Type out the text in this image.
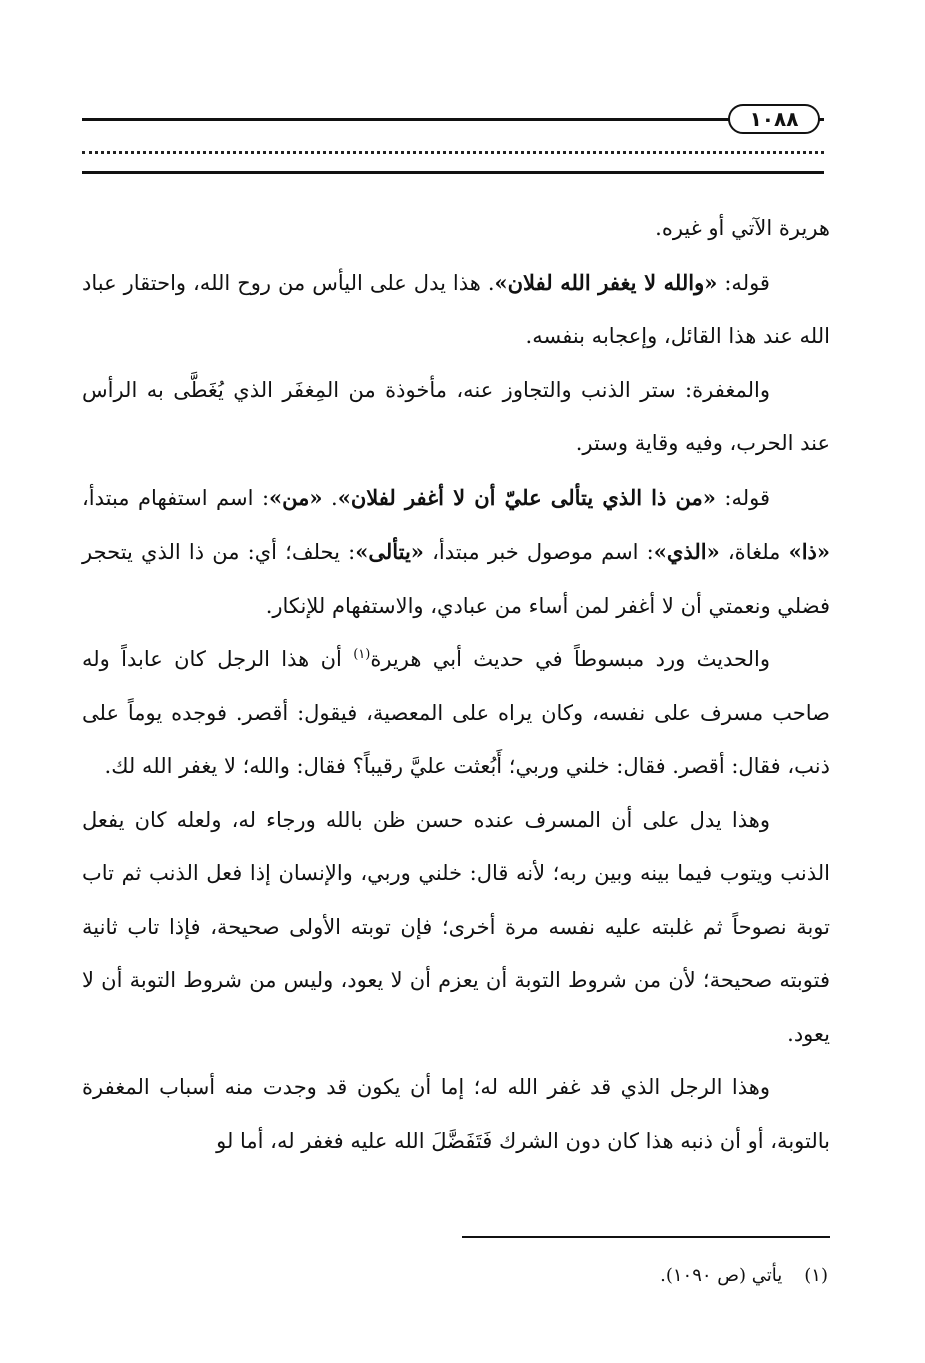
١٠٨٨

هريرة الآتي أو غيره.

قوله: «والله لا يغفر الله لفلان». هذا يدل على اليأس من روح الله، واحتقار عباد الله عند هذا القائل، وإعجابه بنفسه.

والمغفرة: ستر الذنب والتجاوز عنه، مأخوذة من المِغفَر الذي يُغَطَّى به الرأس عند الحرب، وفيه وقاية وستر.

قوله: «من ذا الذي يتألى عليّ أن لا أغفر لفلان». «من»: اسم استفهام مبتدأ، «ذا» ملغاة، «الذي»: اسم موصول خبر مبتدأ، «يتألى»: يحلف؛ أي: من ذا الذي يتحجر فضلي ونعمتي أن لا أغفر لمن أساء من عبادي، والاستفهام للإنكار.

والحديث ورد مبسوطاً في حديث أبي هريرة$^{(١)}$ أن هذا الرجل كان عابداً وله صاحب مسرف على نفسه، وكان يراه على المعصية، فيقول: أقصر. فوجده يوماً على ذنب، فقال: أقصر. فقال: خلني وربي؛ أَبُعثت عليَّ رقيباً؟ فقال: والله؛ لا يغفر الله لك.

وهذا يدل على أن المسرف عنده حسن ظن بالله ورجاء له، ولعله كان يفعل الذنب ويتوب فيما بينه وبين ربه؛ لأنه قال: خلني وربي، والإنسان إذا فعل الذنب ثم تاب توبة نصوحاً ثم غلبته عليه نفسه مرة أخرى؛ فإن توبته الأولى صحيحة، فإذا تاب ثانية فتوبته صحيحة؛ لأن من شروط التوبة أن يعزم أن لا يعود، وليس من شروط التوبة أن لا يعود.

وهذا الرجل الذي قد غفر الله له؛ إما أن يكون قد وجدت منه أسباب المغفرة بالتوبة، أو أن ذنبه هذا كان دون الشرك فَتَفَضَّلَ الله عليه فغفر له، أما لو

(١)يأتي (ص ١٠٩٠).
